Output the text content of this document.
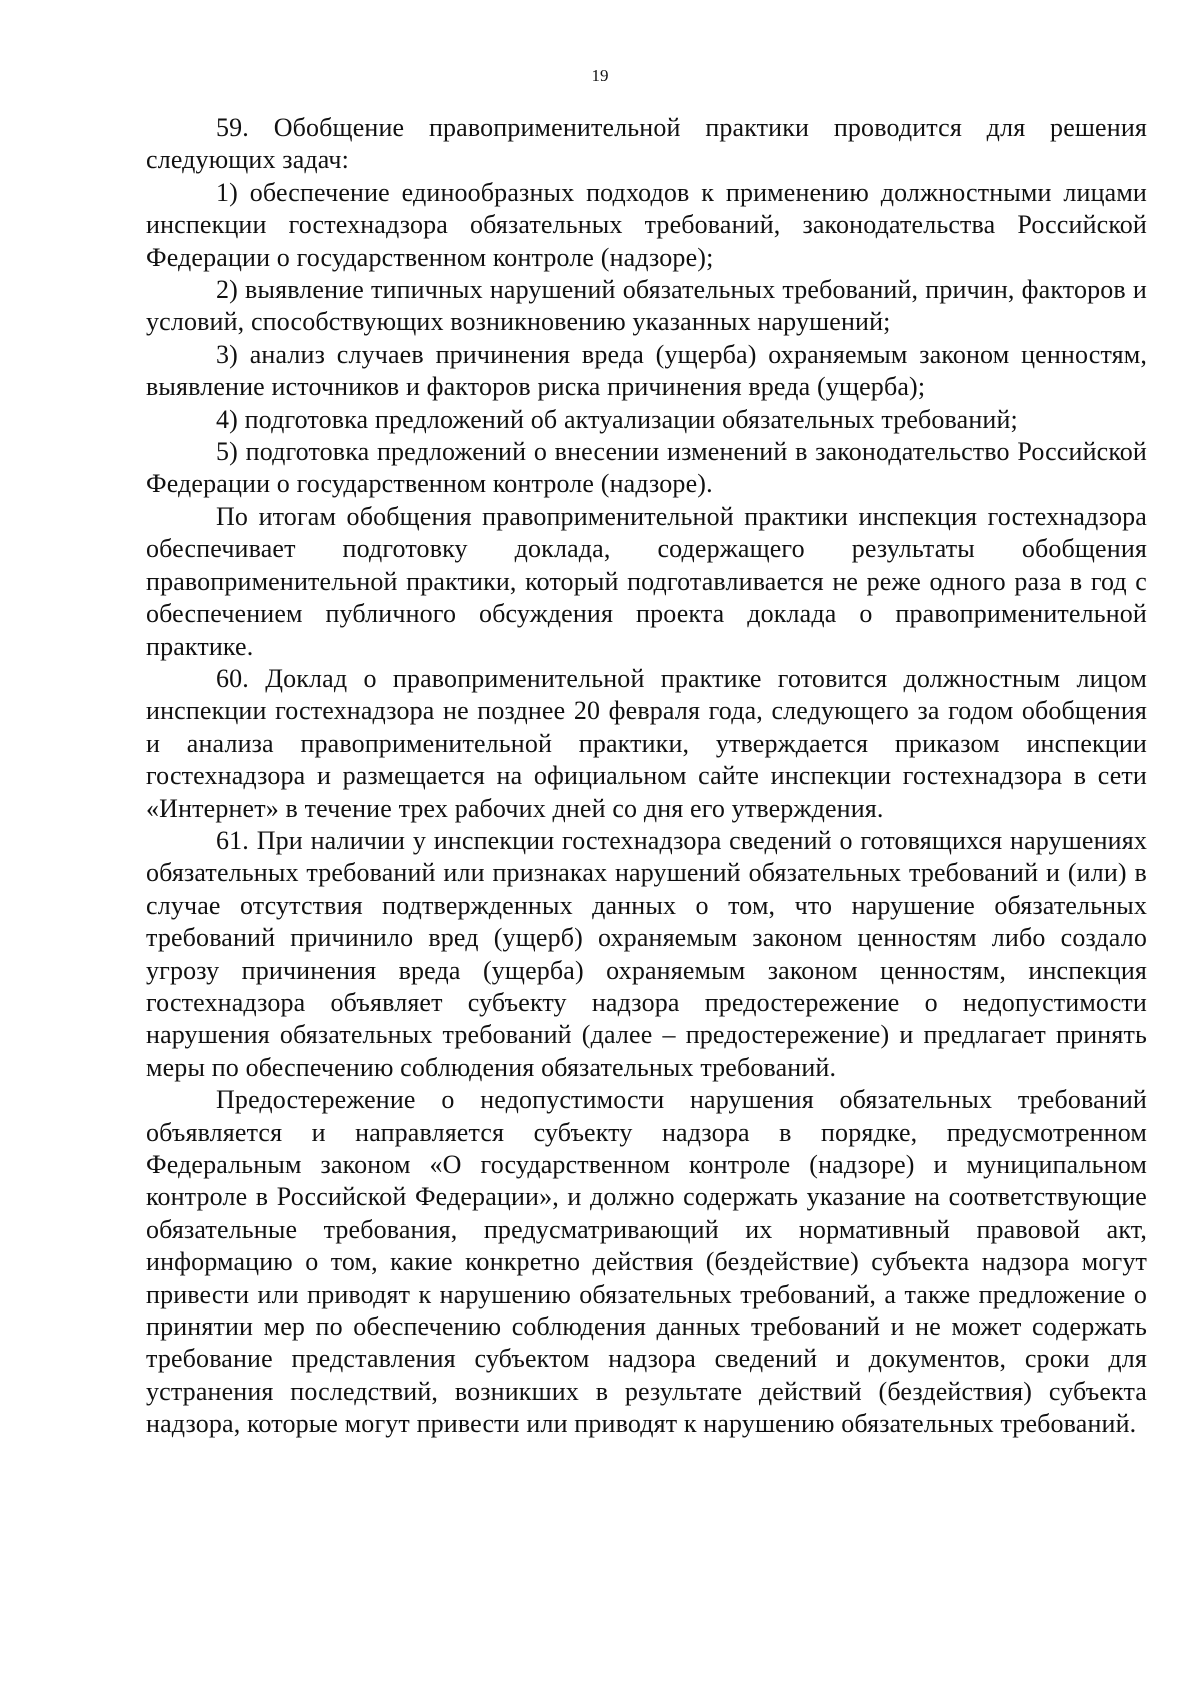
19

59. Обобщение правоприменительной практики проводится для решения следующих задач:

1) обеспечение единообразных подходов к применению должностными лицами инспекции гостехнадзора обязательных требований, законодательства Российской Федерации о государственном контроле (надзоре);

2) выявление типичных нарушений обязательных требований, причин, факторов и условий, способствующих возникновению указанных нарушений;

3) анализ случаев причинения вреда (ущерба) охраняемым законом ценностям, выявление источников и факторов риска причинения вреда (ущерба);

4) подготовка предложений об актуализации обязательных требований;

5) подготовка предложений о внесении изменений в законодательство Российской Федерации о государственном контроле (надзоре).

По итогам обобщения правоприменительной практики инспекция гостехнадзора обеспечивает подготовку доклада, содержащего результаты обобщения правоприменительной практики, который подготавливается не реже одного раза в год с обеспечением публичного обсуждения проекта доклада о правоприменительной практике.

60. Доклад о правоприменительной практике готовится должностным лицом инспекции гостехнадзора не позднее 20 февраля года, следующего за годом обобщения и анализа правоприменительной практики, утверждается приказом инспекции гостехнадзора и размещается на официальном сайте инспекции гостехнадзора в сети «Интернет» в течение трех рабочих дней со дня его утверждения.

61. При наличии у инспекции гостехнадзора сведений о готовящихся нарушениях обязательных требований или признаках нарушений обязательных требований и (или) в случае отсутствия подтвержденных данных о том, что нарушение обязательных требований причинило вред (ущерб) охраняемым законом ценностям либо создало угрозу причинения вреда (ущерба) охраняемым законом ценностям, инспекция гостехнадзора объявляет субъекту надзора предостережение о недопустимости нарушения обязательных требований (далее – предостережение) и предлагает принять меры по обеспечению соблюдения обязательных требований.

Предостережение о недопустимости нарушения обязательных требований объявляется и направляется субъекту надзора в порядке, предусмотренном Федеральным законом «О государственном контроле (надзоре) и муниципальном контроле в Российской Федерации», и должно содержать указание на соответствующие обязательные требования, предусматривающий их нормативный правовой акт, информацию о том, какие конкретно действия (бездействие) субъекта надзора могут привести или приводят к нарушению обязательных требований, а также предложение о принятии мер по обеспечению соблюдения данных требований и не может содержать требование представления субъектом надзора сведений и документов, сроки для устранения последствий, возникших в результате действий (бездействия) субъекта надзора, которые могут привести или приводят к нарушению обязательных требований.
